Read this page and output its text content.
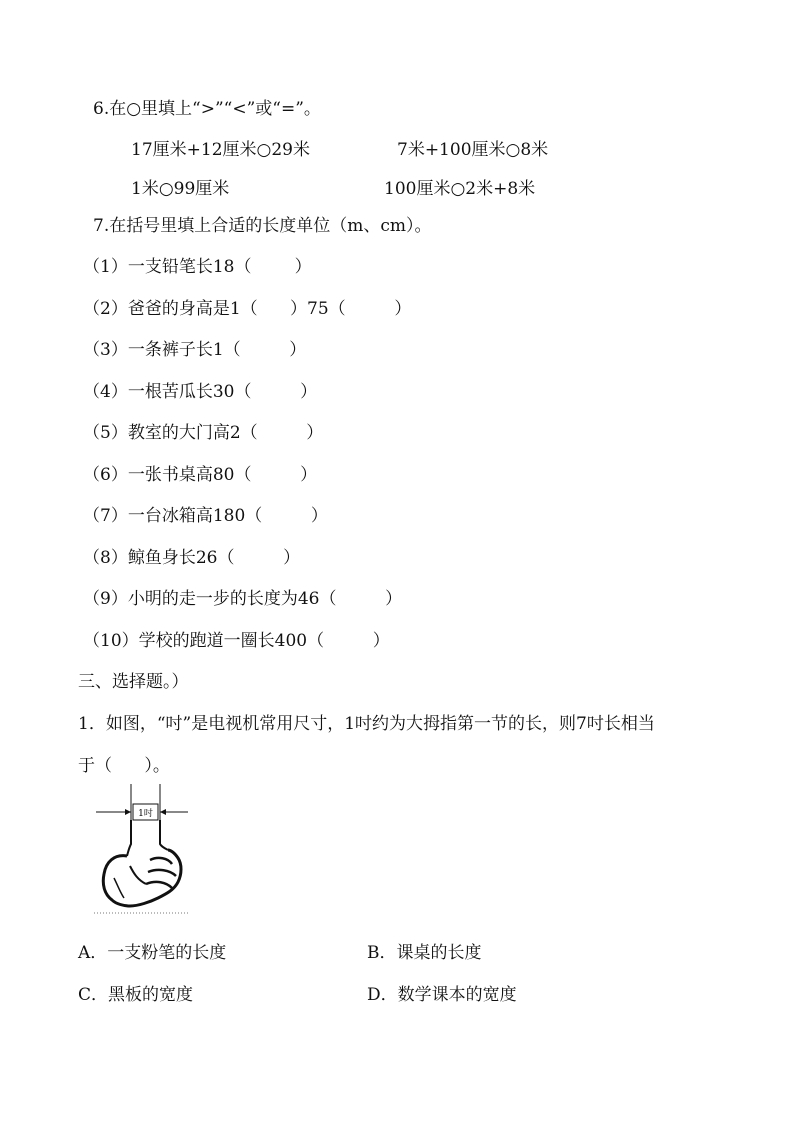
6.在○里填上“>”“<”或“=”。
17厘米+12厘米○29米	7米+100厘米○8米
1米○99厘米	100厘米○2米+8米
7.在括号里填上合适的长度单位（m、cm）。
（1）一支铅笔长18（        ）
（2）爸爸的身高是1（      ）75（         ）
（3）一条裤子长1（         ）
（4）一根苦瓜长30（         ）
（5）教室的大门高2（         ）
（6）一张书桌高80（         ）
（7）一台冰箱高180（         ）
（8）鲸鱼身长26（         ）
（9）小明的走一步的长度为46（         ）
（10）学校的跑道一圈长400（         ）
三、选择题。）
1．如图，“吋”是电视机常用尺寸，1吋约为大拇指第一节的长，则7吋长相当
于（      ）。
1吋
A．一支粉笔的长度	B．课桌的长度
C．黑板的宽度	D．数学课本的宽度
